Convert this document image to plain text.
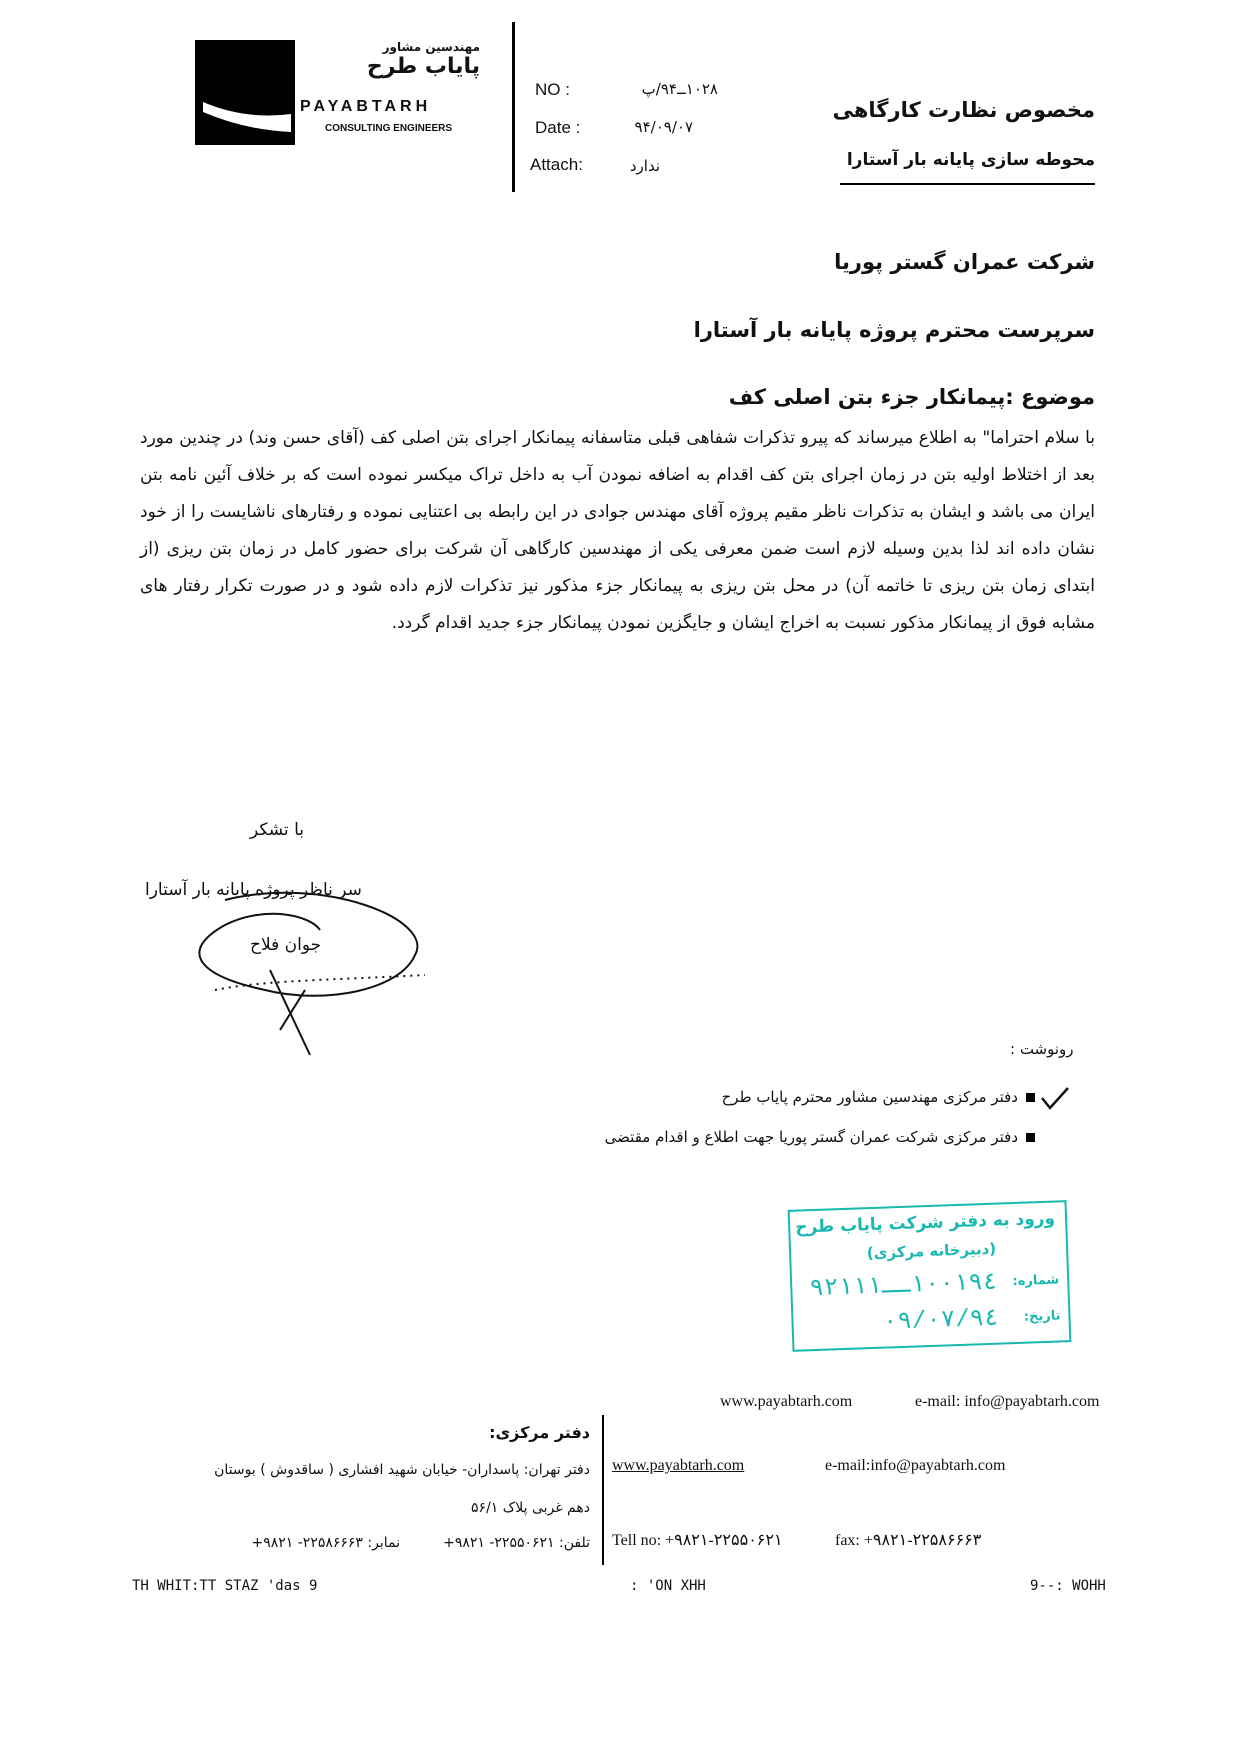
مهندسین مشاور
پایاب طرح
PAYABTARH
CONSULTING ENGINEERS
NO :	۱۰۲۸ــ۹۴/پ
Date :	۹۴/۰۹/۰۷
Attach:	ندارد
مخصوص نظارت کارگاهی
محوطه سازی پایانه بار آستارا
شرکت عمران گستر پوریا
سرپرست محترم پروژه پایانه بار آستارا
موضوع :پیمانکار جزء بتن اصلی کف
با سلام احتراما" به اطلاع میرساند که پیرو تذکرات شفاهی قبلی متاسفانه پیمانکار اجرای بتن اصلی کف (آقای حسن وند) در چندین مورد بعد از اختلاط اولیه بتن در زمان اجرای بتن کف اقدام به اضافه نمودن آب به داخل تراک میکسر نموده است که بر خلاف آئین نامه بتن ایران می باشد و ایشان به تذکرات ناظر مقیم پروژه آقای مهندس جوادی در این رابطه بی اعتنایی نموده و رفتارهای ناشایست را از خود نشان داده اند لذا بدین وسیله لازم است ضمن معرفی یکی از مهندسین کارگاهی آن شرکت برای حضور کامل در زمان بتن ریزی (از ابتدای زمان بتن ریزی تا خاتمه آن) در محل بتن ریزی به پیمانکار جزء مذکور نیز تذکرات لازم داده شود و در صورت تکرار رفتار های مشابه فوق از پیمانکار مذکور نسبت به اخراج ایشان و جایگزین نمودن پیمانکار جزء جدید اقدام گردد.
با تشکر
سر ناظر پروژه پایانه بار آستارا
جوان فلاح
رونوشت :
دفتر مرکزی مهندسین مشاور محترم پایاب طرح
دفتر مرکزی شرکت عمران گستر پوریا جهت اطلاع و اقدام مقتضی
ورود به دفتر شرکت پایاب طرح
(دبیرخانه مرکزی)
شماره:
۱۰۰۱۹٤ــ۹۲۱۱۱
تاریخ:
۹٤/۰۹/۰۷
www.payabtarh.com	e-mail: info@payabtarh.com
دفتر مرکزی:
دفتر تهران: پاسداران- خیابان شهید افشاری ( ساقدوش ) بوستان
دهم غربی پلاک ۵۶/۱
تلفن: ۲۲۵۵۰۶۲۱- ۹۸۲۱+
نمابر: ۲۲۵۸۶۶۶۳- ۹۸۲۱+
www.payabtarh.com	e-mail:info@payabtarh.com
Tell no: +۹۸۲۱-۲۲۵۵۰۶۲۱	fax: +۹۸۲۱-۲۲۵۸۶۶۶۳
TH WHIT:TT STAZ 'das 9	: 'ON XHH	9--: WOHH
